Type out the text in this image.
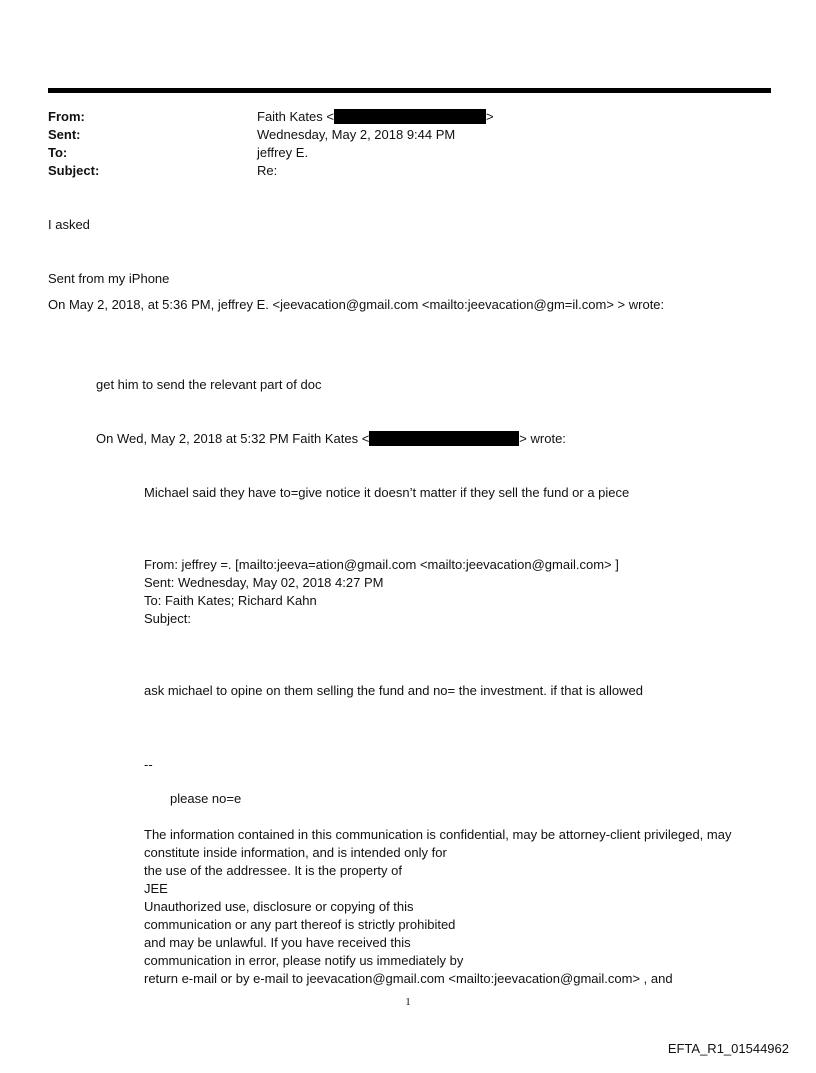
From:	Faith Kates <	>
Sent:	Wednesday, May 2, 2018 9:44 PM
To:	jeffrey E.
Subject:	Re:
I asked
Sent from my iPhone
On May 2, 2018, at 5:36 PM, jeffrey E. <jeevacation@gmail.com <mailto:jeevacation@gm=il.com> > wrote:
get him to send the relevant part of doc
On Wed, May 2, 2018 at 5:32 PM Faith Kates <	> wrote:
Michael said they have to=give notice it doesn’t matter if they sell the fund or a piece
From: jeffrey =. [mailto:jeeva=ation@gmail.com <mailto:jeevacation@gmail.com> ]
Sent: Wednesday, May 02, 2018 4:27 PM
To: Faith Kates; Richard Kahn
Subject:
ask michael to opine on them selling the fund and no= the investment. if that is allowed
--
please no=e
The information contained in this communication is confidential, may be attorney-client privileged, may
constitute inside information, and is intended only for
the use of the addressee. It is the property of
JEE
Unauthorized use, disclosure or copying of this
communication or any part thereof is strictly prohibited
and may be unlawful. If you have received this
communication in error, please notify us immediately by
return e-mail or by e-mail to jeevacation@gmail.com <mailto:jeevacation@gmail.com> , and
1
EFTA_R1_01544962
